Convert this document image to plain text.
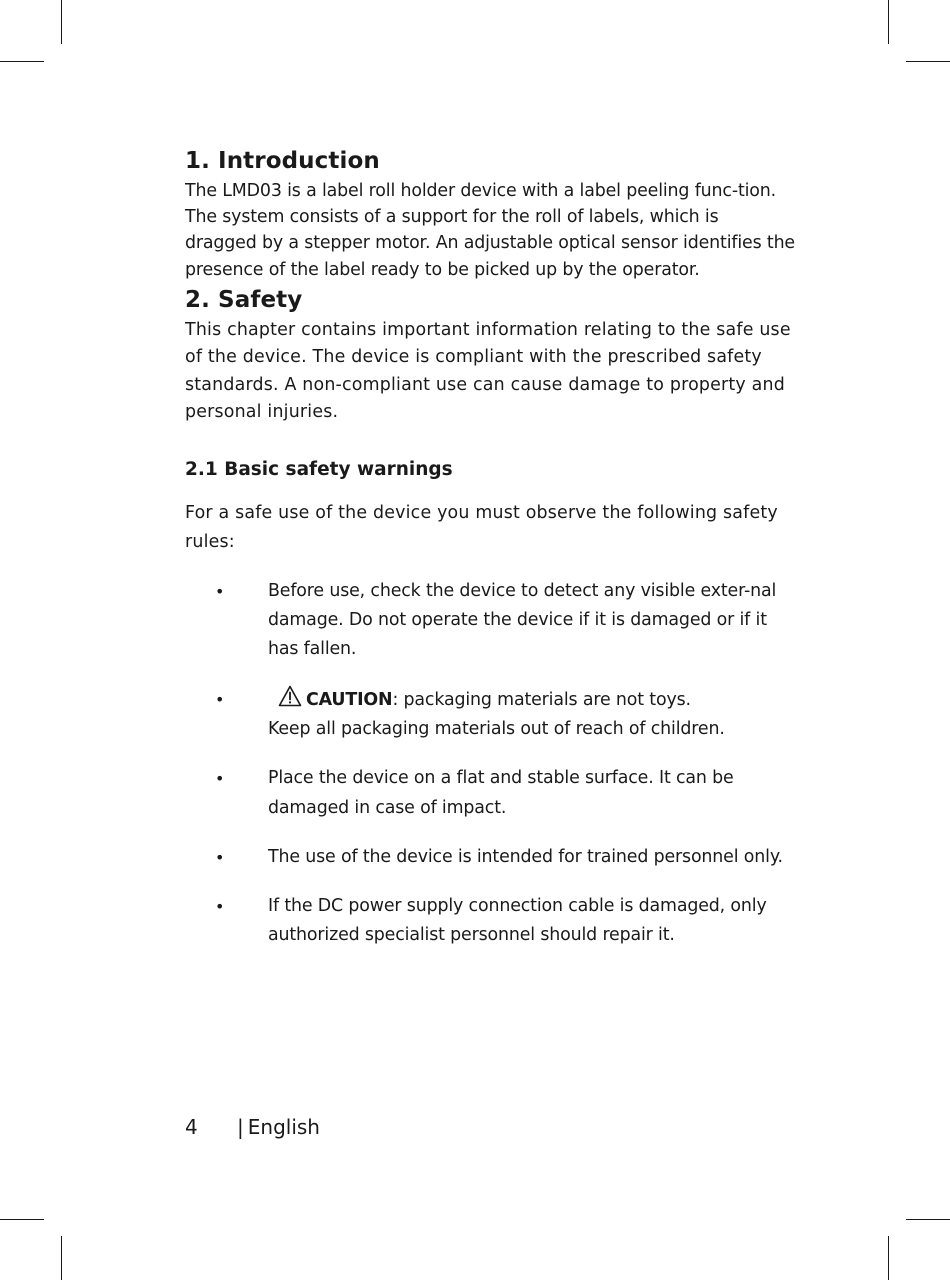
1. Introduction

The LMD03 is a label roll holder device with a label peeling func-tion. The system consists of a support for the roll of labels, which is dragged by a stepper motor. An adjustable optical sensor identifies the presence of the label ready to be picked up by the operator.

2. Safety

This chapter contains important information relating to the safe use of the device. The device is compliant with the prescribed safety standards. A non-compliant use can cause damage to property and personal injuries.

2.1 Basic safety warnings

For a safe use of the device you must observe the following safety rules:

•	Before use, check the device to detect any visible exter-nal damage. Do not operate the device if it is damaged or if it has fallen.
•	CAUTION: packaging materials are not toys.
Keep all packaging materials out of reach of children.
•	Place the device on a flat and stable surface. It can be damaged in case of impact.
•	The use of the device is intended for trained personnel only.
•	If the DC power supply connection cable is damaged, only authorized specialist personnel should repair it.
4 | English
